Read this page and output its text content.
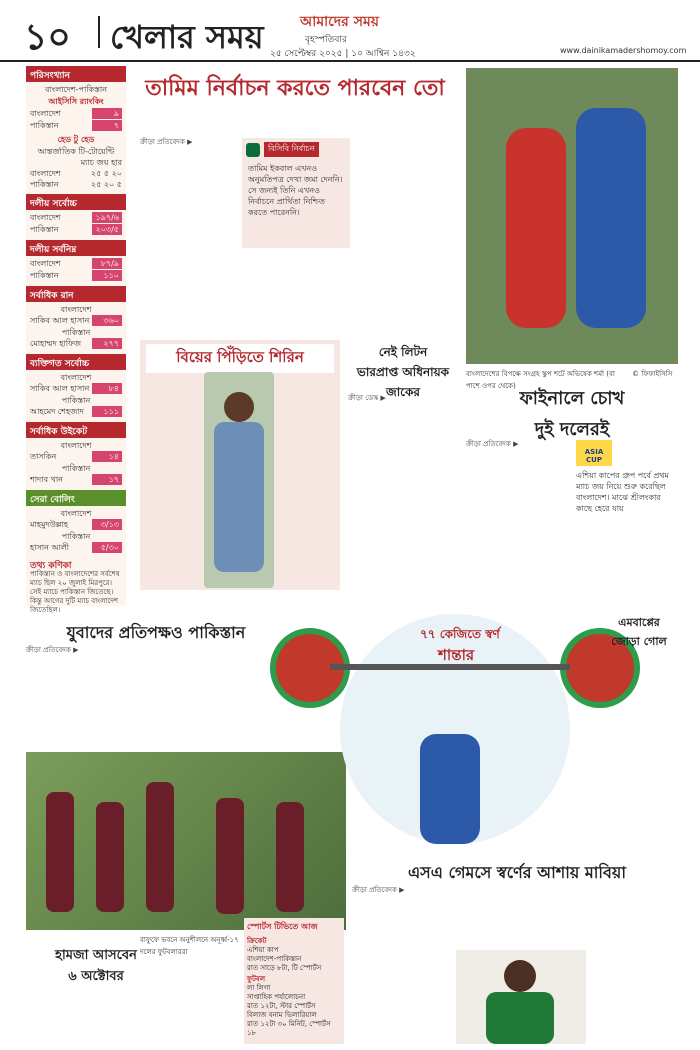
১০ খেলার সময়	আমাদের সময়
বৃহস্পতিবার
২৫ সেপ্টেম্বর ২০২৫ | ১০ আশ্বিন ১৪৩২	www.dainikamadershomoy.com
পরিসংখ্যান
বাংলাদেশ-পাকিস্তান
আইসিসি র‍্যাংকিং
বাংলাদেশ	৯
পাকিস্তান	৭
হেড টু হেড
আন্তর্জাতিক টি-টোয়েন্টি
ম্যাচ জয় হার
বাংলাদেশ	২৫ ৫ ২০
পাকিস্তান	২৫ ২০ ৫
দলীয় সর্বোচ্চ
বাংলাদেশ	১৯৭/৬
পাকিস্তান	২০৩/৫
দলীয় সর্বনিম্ন
বাংলাদেশ	৮৭/৯
পাকিস্তান	১১০
সর্বাধিক রান
বাংলাদেশ
সাকিব আল হাসান	৩৬০
পাকিস্তান
মোহাম্মদ হাফিজ	২৭৭
ব্যক্তিগত সর্বোচ্চ
বাংলাদেশ
সাকিব আল হাসান	৮৪
পাকিস্তান
আহমেদ শেহজাদ	১১১
সর্বাধিক উইকেট
বাংলাদেশ
তাসকিন	১৪
পাকিস্তান
শাদাব খান	১৭
সেরা বোলিং
বাংলাদেশ
মাহমুদউল্লাহ	৩/১৩
পাকিস্তান
হাসান আলী	৫/৩০
তথ্য কণিকা
পাকিস্তান ও বাংলাদেশের সর্বশেষ ম্যাচ ছিল ২০ জুলাই মিরপুরে। সেই ম্যাচে পাকিস্তান জিতেছে। কিন্তু আগের দুটি ম্যাচ বাংলাদেশ জিতেছিল।
তামিম নির্বাচন করতে পারবেন তো
ক্রীড়া প্রতিবেদক ▶
বিসিবি নির্বাচন
তামিম ইকবাল এখনও অনুমতিপত্র দেখা জমা দেননি। সে জন্যই তিনি এখনও নির্বাচনে প্রার্থিতা নিশ্চিত করতে পারেননি।
বাংলাদেশের বিপক্ষে সংগ্রহ স্কুপ শটে অভিষেক শর্মা (বা পাশে ওপর থেকে)
© ফিফাইসিসি
বিয়ের পিঁড়িতে শিরিন	নেই লিটন
ভারপ্রাপ্ত অধিনায়ক
জাকের
ক্রীড়া ডেস্ক ▶	ফাইনালে চোখ
দুই দলেরই
ক্রীড়া প্রতিবেদক ▶
ASIA CUP
এশিয়া কাপের গ্রুপ পর্বে প্রথম ম্যাচ জয় নিয়ে শুরু করেছিল বাংলাদেশ। মাঝে শ্রীলংকার কাছে হেরে যায়
যুবাদের প্রতিপক্ষও পাকিস্তান
ক্রীড়া প্রতিবেদক ▶
বাফুফে ভবনে অনুশীলনে অনূর্ধ্ব-১৭ দলের ফুটবলাররা
৭৭ কেজিতে স্বর্ণ
শান্তার
এমবাপ্পের
জোড়া গোল
এসএ গেমসে স্বর্ণের আশায় মাবিয়া
ক্রীড়া প্রতিবেদক ▶
হামজা আসবেন
৬ অক্টোবর
স্পোর্টস টিভিতে আজ
ক্রিকেট
এশিয়া কাপ
বাংলাদেশ-পাকিস্তান
রাত সাড়ে ৮টা, টি স্পোর্টস
ফুটবল
লা লিগা
সাপ্তাহিক পর্যালোচনা
রাত ১২টা, স্টার স্পোর্টস
বিলাজ বনাম ভিলারিয়াল
রাত ১২টা ৩০ মিনিট, স্পোর্টস ১৮
